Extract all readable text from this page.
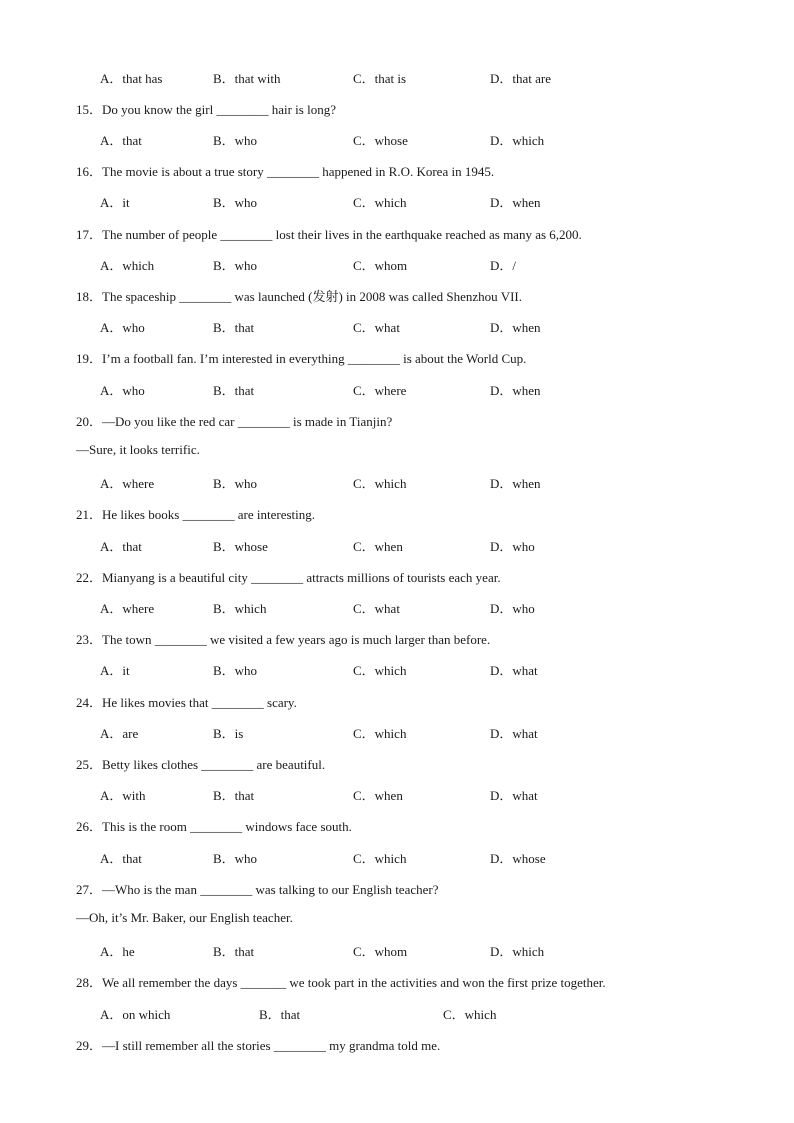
A．that has	B．that with	C．that is	D．that are
15．Do you know the girl ________ hair is long?
A．that	B．who	C．whose	D．which
16．The movie is about a true story ________ happened in R.O. Korea in 1945.
A．it	B．who	C．which	D．when
17．The number of people ________ lost their lives in the earthquake reached as many as 6,200.
A．which	B．who	C．whom	D．/
18．The spaceship ________ was launched (发射) in 2008 was called Shenzhou VII.
A．who	B．that	C．what	D．when
19．I’m a football fan. I’m interested in everything ________ is about the World Cup.
A．who	B．that	C．where	D．when
20．—Do you like the red car ________ is made in Tianjin?
—Sure, it looks terrific.
A．where	B．who	C．which	D．when
21．He likes books ________ are interesting.
A．that	B．whose	C．when	D．who
22．Mianyang is a beautiful city ________ attracts millions of tourists each year.
A．where	B．which	C．what	D．who
23．The town ________ we visited a few years ago is much larger than before.
A．it	B．who	C．which	D．what
24．He likes movies that ________ scary.
A．are	B．is	C．which	D．what
25．Betty likes clothes ________ are beautiful.
A．with	B．that	C．when	D．what
26．This is the room ________ windows face south.
A．that	B．who	C．which	D．whose
27．—Who is the man ________ was talking to our English teacher?
—Oh, it’s Mr. Baker, our English teacher.
A．he	B．that	C．whom	D．which
28．We all remember the days _______ we took part in the activities and won the first prize together.
A．on which	B．that	C．which
29．—I still remember all the stories ________ my grandma told me.
